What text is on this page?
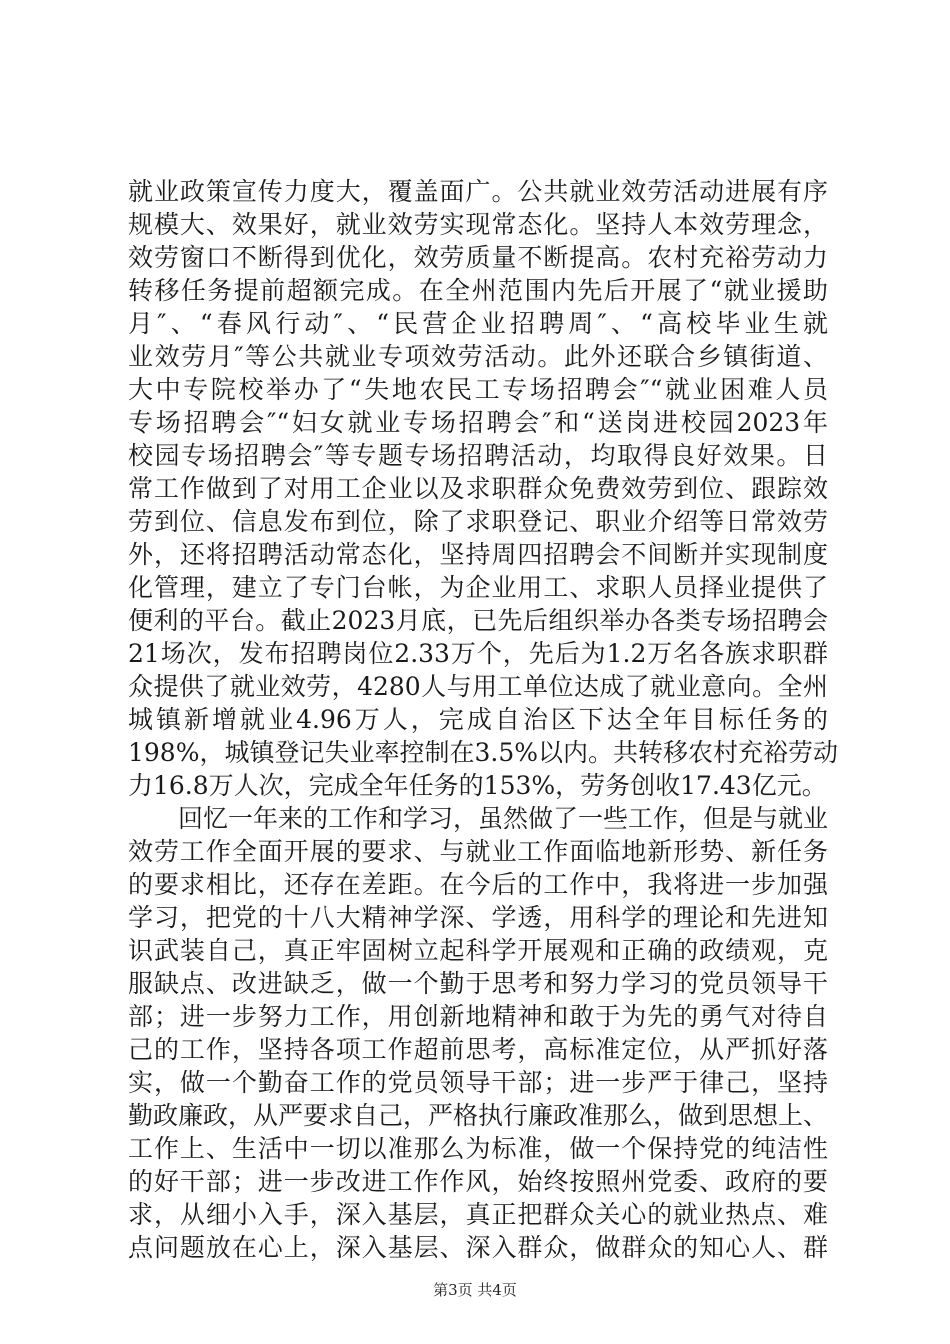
就业政策宣传力度大，覆盖面广。公共就业效劳活动进展有序
规模大、效果好，就业效劳实现常态化。坚持人本效劳理念，
效劳窗口不断得到优化，效劳质量不断提高。农村充裕劳动力
转移任务提前超额完成。在全州范围内先后开展了“就业援助
月″、“春风行动″、“民营企业招聘周″、“高校毕业生就
业效劳月″等公共就业专项效劳活动。此外还联合乡镇街道、
大中专院校举办了“失地农民工专场招聘会″“就业困难人员
专场招聘会″“妇女就业专场招聘会″和“送岗进校园2023年
校园专场招聘会″等专题专场招聘活动，均取得良好效果。日
常工作做到了对用工企业以及求职群众免费效劳到位、跟踪效
劳到位、信息发布到位，除了求职登记、职业介绍等日常效劳
外，还将招聘活动常态化，坚持周四招聘会不间断并实现制度
化管理，建立了专门台帐，为企业用工、求职人员择业提供了
便利的平台。截止2023月底，已先后组织举办各类专场招聘会
21场次，发布招聘岗位2.33万个，先后为1.2万名各族求职群
众提供了就业效劳，4280人与用工单位达成了就业意向。全州
城镇新增就业4.96万人，完成自治区下达全年目标任务的
198%，城镇登记失业率控制在3.5%以内。共转移农村充裕劳动
力16.8万人次，完成全年任务的153%，劳务创收17.43亿元。
　　回忆一年来的工作和学习，虽然做了一些工作，但是与就业
效劳工作全面开展的要求、与就业工作面临地新形势、新任务
的要求相比，还存在差距。在今后的工作中，我将进一步加强
学习，把党的十八大精神学深、学透，用科学的理论和先进知
识武装自己，真正牢固树立起科学开展观和正确的政绩观，克
服缺点、改进缺乏，做一个勤于思考和努力学习的党员领导干
部；进一步努力工作，用创新地精神和敢于为先的勇气对待自
己的工作，坚持各项工作超前思考，高标准定位，从严抓好落
实，做一个勤奋工作的党员领导干部；进一步严于律己，坚持
勤政廉政，从严要求自己，严格执行廉政准那么，做到思想上、
工作上、生活中一切以准那么为标准，做一个保持党的纯洁性
的好干部；进一步改进工作作风，始终按照州党委、政府的要
求，从细小入手，深入基层，真正把群众关心的就业热点、难
点问题放在心上，深入基层、深入群众，做群众的知心人、群
第3页 共4页
